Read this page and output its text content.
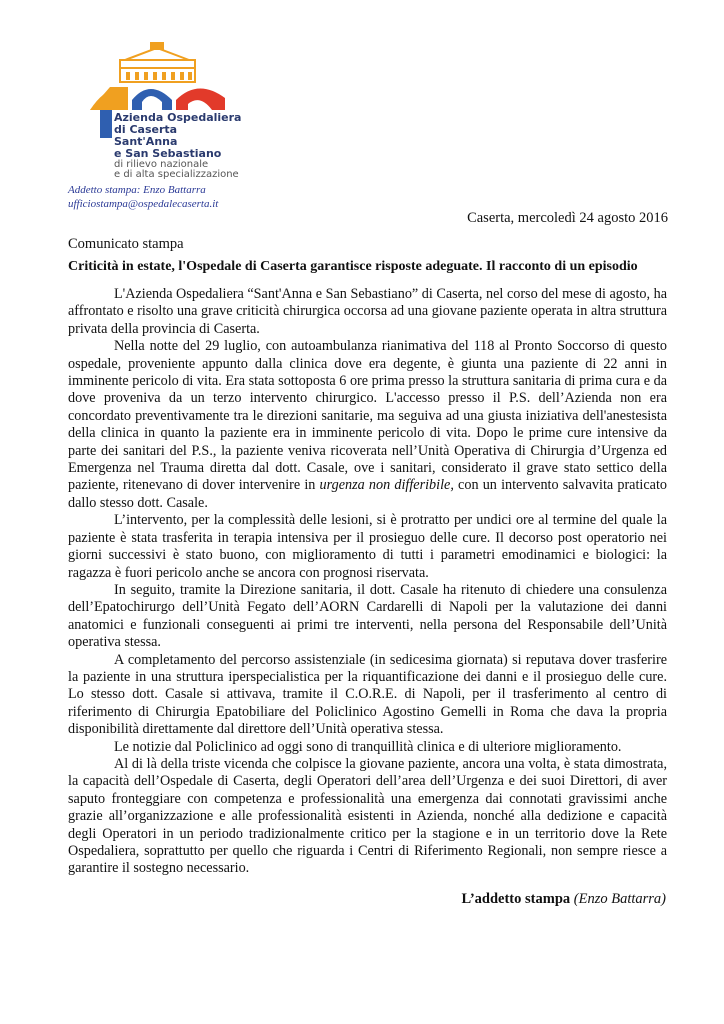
Azienda Ospedaliera
di Caserta
Sant'Anna
e San Sebastiano
di rilievo nazionale
e di alta specializzazione
Addetto stampa: Enzo Battarra
ufficiostampa@ospedalecaserta.it
Caserta, mercoledì 24 agosto 2016
Comunicato stampa
Criticità in estate, l'Ospedale di Caserta garantisce risposte adeguate. Il racconto di un episodio

L'Azienda Ospedaliera “Sant'Anna e San Sebastiano” di Caserta, nel corso del mese di agosto, ha affrontato e risolto una grave criticità chirurgica occorsa ad una giovane paziente operata in altra struttura privata della provincia di Caserta.

Nella notte del 29 luglio, con autoambulanza rianimativa del 118 al Pronto Soccorso di questo ospedale, proveniente appunto dalla clinica dove era degente, è giunta una paziente di 22 anni in imminente pericolo di vita. Era stata sottoposta 6 ore prima presso la struttura sanitaria di prima cura e da dove proveniva da un terzo intervento chirurgico. L'accesso presso il P.S. dell’Azienda non era concordato preventivamente tra le direzioni sanitarie, ma seguiva ad una giusta iniziativa dell'anestesista della clinica in quanto la paziente era in imminente pericolo di vita. Dopo le prime cure intensive da parte dei sanitari del P.S., la paziente veniva ricoverata nell’Unità Operativa di Chirurgia d’Urgenza ed Emergenza nel Trauma diretta dal dott. Casale, ove i sanitari, considerato il grave stato settico della paziente, ritenevano di dover intervenire in urgenza non differibile, con un intervento salvavita praticato dallo stesso dott. Casale.

L’intervento, per la complessità delle lesioni, si è protratto per undici ore al termine del quale la paziente è stata trasferita in terapia intensiva per il prosieguo delle cure. Il decorso post operatorio nei giorni successivi è stato buono, con miglioramento di tutti i parametri emodinamici e biologici: la ragazza è fuori pericolo anche se ancora con prognosi riservata.

In seguito, tramite la Direzione sanitaria, il dott. Casale ha ritenuto di chiedere una consulenza dell’Epatochirurgo dell’Unità Fegato dell’AORN Cardarelli di Napoli per la valutazione dei danni anatomici e funzionali conseguenti ai primi tre interventi, nella persona del Responsabile dell’Unità operativa stessa.

A completamento del percorso assistenziale (in sedicesima giornata) si reputava dover trasferire la paziente in una struttura iperspecialistica per la riquantificazione dei danni e il prosieguo delle cure. Lo stesso dott. Casale si attivava, tramite il C.O.R.E. di Napoli, per il trasferimento al centro di riferimento di Chirurgia Epatobiliare del Policlinico Agostino Gemelli in Roma che dava la propria disponibilità direttamente dal direttore dell’Unità operativa stessa.

Le notizie dal Policlinico ad oggi sono di tranquillità clinica e di ulteriore miglioramento.

Al di là della triste vicenda che colpisce la giovane paziente, ancora una volta, è stata dimostrata, la capacità dell’Ospedale di Caserta, degli Operatori dell’area dell’Urgenza e dei suoi Direttori, di aver saputo fronteggiare con competenza e professionalità una emergenza dai connotati gravissimi anche grazie all’organizzazione e alle professionalità esistenti in Azienda, nonché alla dedizione e capacità degli Operatori in un periodo tradizionalmente critico per la stagione e in un territorio dove la Rete Ospedaliera, soprattutto per quello che riguarda i Centri di Riferimento Regionali, non sempre riesce a garantire il sostegno necessario.

L’addetto stampa (Enzo Battarra)
